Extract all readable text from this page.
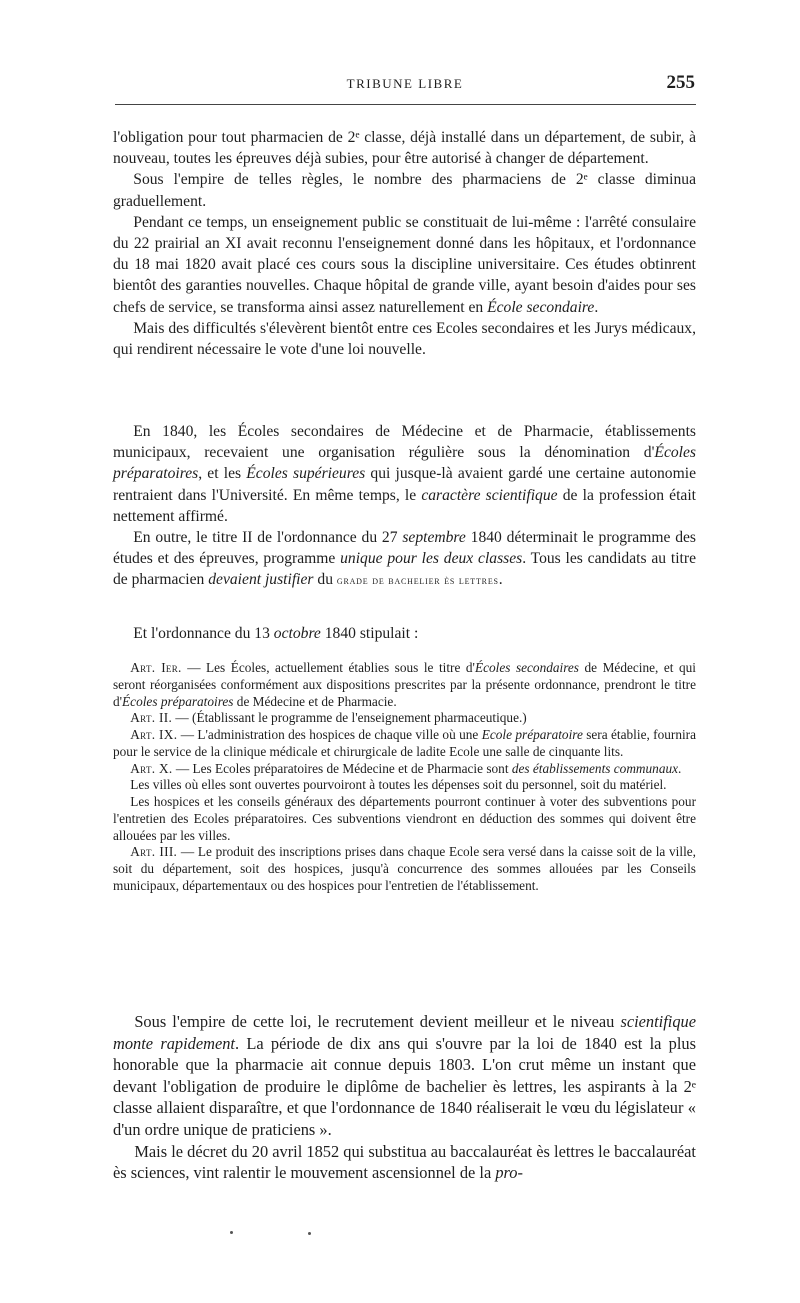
TRIBUNE LIBRE	255

l'obligation pour tout pharmacien de 2ᵉ classe, déjà installé dans un département, de subir, à nouveau, toutes les épreuves déjà subies, pour être autorisé à changer de département.

Sous l'empire de telles règles, le nombre des pharmaciens de 2ᵉ classe diminua graduellement.

Pendant ce temps, un enseignement public se constituait de lui-même : l'arrêté consulaire du 22 prairial an XI avait reconnu l'enseignement donné dans les hôpitaux, et l'ordonnance du 18 mai 1820 avait placé ces cours sous la discipline universitaire. Ces études obtinrent bientôt des garanties nouvelles. Chaque hôpital de grande ville, ayant besoin d'aides pour ses chefs de service, se transforma ainsi assez naturellement en École secondaire.

Mais des difficultés s'élevèrent bientôt entre ces Ecoles secondaires et les Jurys médicaux, qui rendirent nécessaire le vote d'une loi nouvelle.

En 1840, les Écoles secondaires de Médecine et de Pharmacie, établissements municipaux, recevaient une organisation régulière sous la dénomination d'Écoles préparatoires, et les Écoles supérieures qui jusque-là avaient gardé une certaine autonomie rentraient dans l'Université. En même temps, le caractère scientifique de la profession était nettement affirmé.

En outre, le titre II de l'ordonnance du 27 septembre 1840 déterminait le programme des études et des épreuves, programme unique pour les deux classes. Tous les candidats au titre de pharmacien devaient justifier du grade de bachelier ès lettres.

Et l'ordonnance du 13 octobre 1840 stipulait :

Art. Ier. — Les Écoles, actuellement établies sous le titre d'Écoles secondaires de Médecine, et qui seront réorganisées conformément aux dispositions prescrites par la présente ordonnance, prendront le titre d'Écoles préparatoires de Médecine et de Pharmacie.

Art. II. — (Établissant le programme de l'enseignement pharmaceutique.)

Art. IX. — L'administration des hospices de chaque ville où une Ecole préparatoire sera établie, fournira pour le service de la clinique médicale et chirurgicale de ladite Ecole une salle de cinquante lits.

Art. X. — Les Ecoles préparatoires de Médecine et de Pharmacie sont des établissements communaux.

Les villes où elles sont ouvertes pourvoiront à toutes les dépenses soit du personnel, soit du matériel.

Les hospices et les conseils généraux des départements pourront continuer à voter des subventions pour l'entretien des Ecoles préparatoires. Ces subventions viendront en déduction des sommes qui doivent être allouées par les villes.

Art. III. — Le produit des inscriptions prises dans chaque Ecole sera versé dans la caisse soit de la ville, soit du département, soit des hospices, jusqu'à concurrence des sommes allouées par les Conseils municipaux, départementaux ou des hospices pour l'entretien de l'établissement.

Sous l'empire de cette loi, le recrutement devient meilleur et le niveau scientifique monte rapidement. La période de dix ans qui s'ouvre par la loi de 1840 est la plus honorable que la pharmacie ait connue depuis 1803. L'on crut même un instant que devant l'obligation de produire le diplôme de bachelier ès lettres, les aspirants à la 2ᵉ classe allaient disparaître, et que l'ordonnance de 1840 réaliserait le vœu du législateur « d'un ordre unique de praticiens ».

Mais le décret du 20 avril 1852 qui substitua au baccalauréat ès lettres le baccalauréat ès sciences, vint ralentir le mouvement ascensionnel de la pro-
